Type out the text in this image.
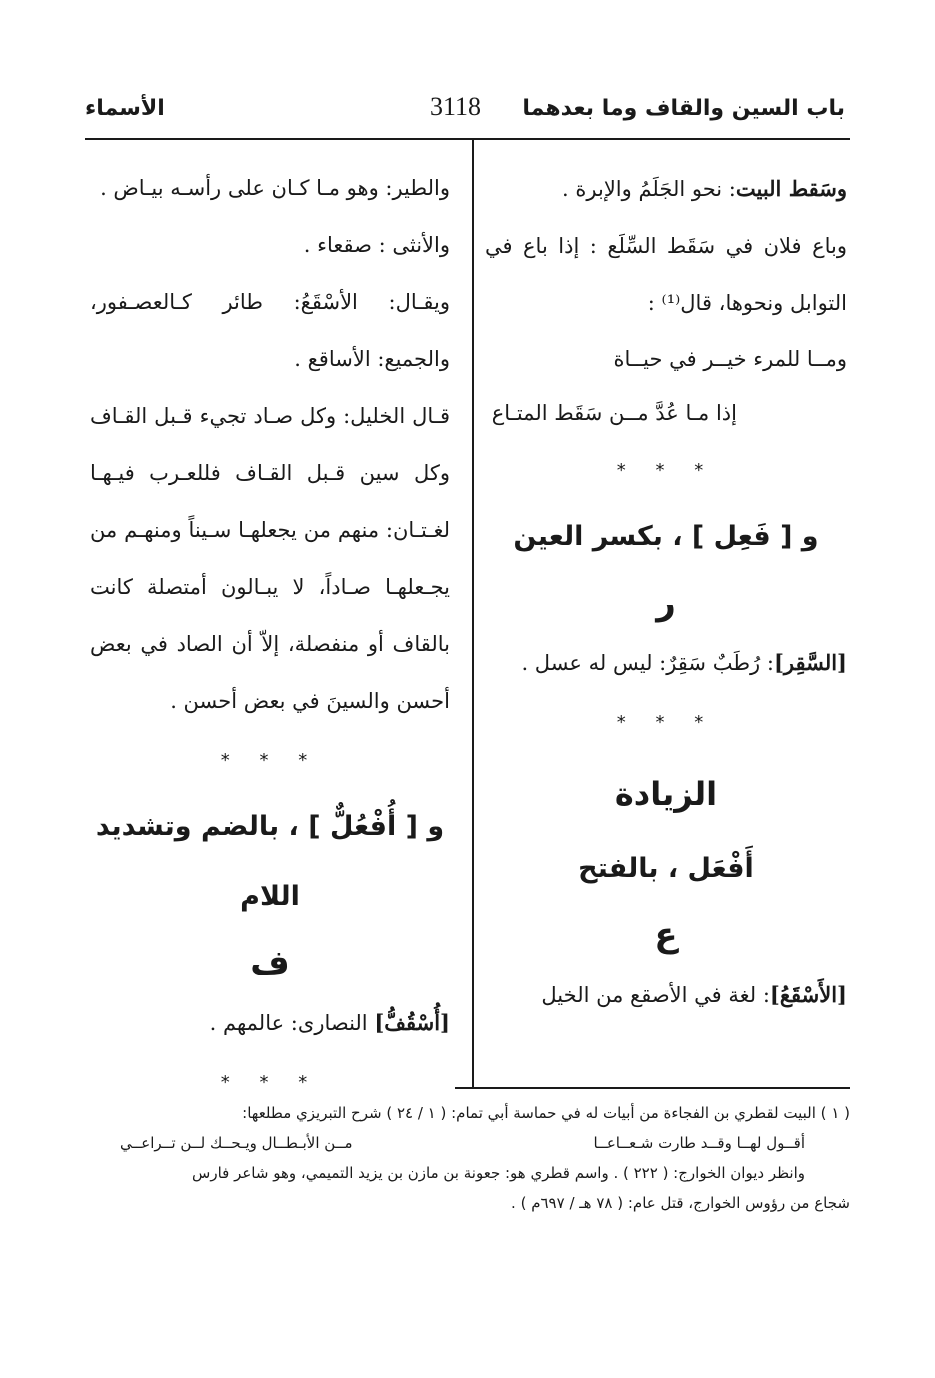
باب السين والقاف وما بعدهما
3118
الأسماء

وسَقط البيت: نحو الجَلَمُ والإبرة .

وباع فلان في سَقَط السِّلَع : إذا باع في التوابل ونحوها، قال⁽¹⁾ :

ومــا للمرء خيــر في حيــاة

إذا مـا عُدَّ مــن سَقَط المتـاع

* * *

و [ فَعِل ] ، بكسر العين

ر

[السَّقِر]: رُطَبٌ سَقِرٌ: ليس له عسل .

* * *

الزيادة

أَفْعَل ، بالفتح

ع

[الأَسْقَعُ]: لغة في الأصقع من الخيل

والطير: وهو مـا كـان على رأسـه بيـاض .

والأنثى : صقعاء .

ويقـال: الأسْقَعُ: طائر كـالعصـفور، والجميع: الأساقع .

قـال الخليل: وكل صـاد تجيء قـبل القـاف وكل سين قـبل القـاف فللعـرب فيـهـا لغـتـان: منهم من يجعلهـا سـيناً ومنهـم من يجـعلهـا صـاداً، لا يبـالون أمتصلة كانت بالقاف أو منفصلة، إلاّ أن الصاد في بعض أحسن والسينَ في بعض أحسن .

* * *

و [ أُفْعُلٌّ ] ، بالضم وتشديد اللام

ف

[أُسْقُفُّ] النصارى: عالمهم .

* * *

( ١ ) البيت لقطري بن الفجاءة من أبيات له في حماسة أبي تمام: ( ١ / ٢٤ ) شرح التبريزي مطلعها:

أقــول لهــا وقــد طارت شـعــاعــا
مــن الأبـطــال ويـحــك لــن تــراعــي

وانظر ديوان الخوارج: ( ٢٢٢ ) . واسم قطري هو: جعونة بن مازن بن يزيد التميمي، وهو شاعر فارس

شجاع من رؤوس الخوارج، قتل عام: ( ٧٨ هـ / ٦٩٧م ) .
